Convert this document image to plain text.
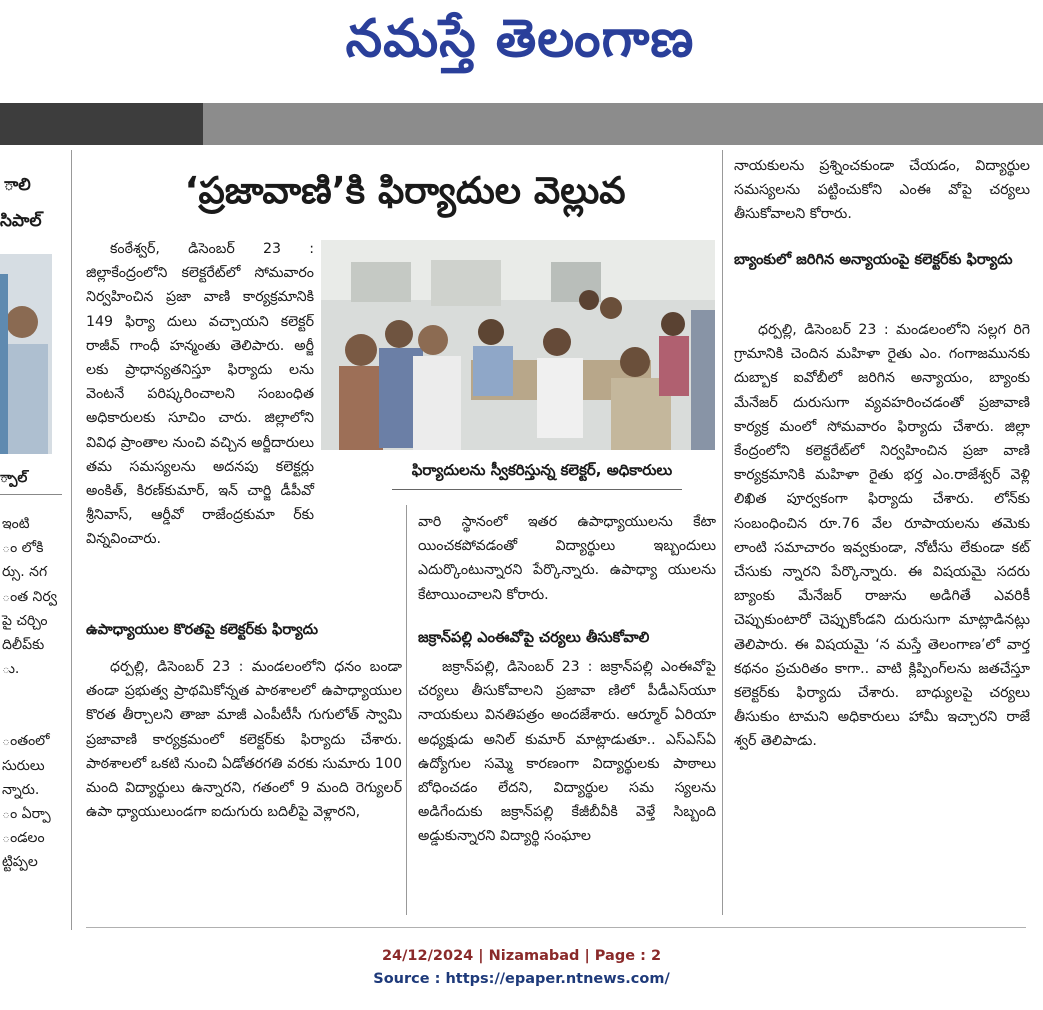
నమస్తే తెలంగాణ
ాలి
సిపాల్
్పాల్
ఇంటి
ం లోకి
ర్సు. నగ
ంత నిర్వ
పై చర్చిం
దిలీప్‌కు
ు.
ంతంలో
సురులు
న్నారు.
ం ఏర్పా
ండలం
ట్టిప్పల
‘ప్రజావాణి’కి ఫిర్యాదుల వెల్లువ

కంఠేశ్వర్‌, డిసెంబర్‌ 23 : జిల్లాకేంద్రంలోని కలెక్టరేట్‌లో సోమవారం నిర్వహించిన ప్రజా వాణి కార్యక్రమానికి 149 ఫిర్యా దులు వచ్చాయని కలెక్టర్‌ రాజీవ్‌ గాంధీ హన్మంతు తెలిపారు. అర్జీ లకు ప్రాధాన్యతనిస్తూ ఫిర్యాదు లను వెంటనే పరిష్కరించాలని సంబంధిత అధికారులకు సూచిం చారు. జిల్లాలోని వివిధ ప్రాంతాల నుంచి వచ్చిన అర్జీదారులు తమ సమస్యలను అదనపు కలెక్టర్లు అంకిత్‌, కిరణ్‌కుమార్‌, ఇన్‌ చార్జి డీపీవో శ్రీనివాస్‌, ఆర్డీవో రాజేంద్రకుమా ర్‌కు విన్నవించారు.

ఫిర్యాదులను స్వీకరిస్తున్న కలెక్టర్‌, అధికారులు

ఉపాధ్యాయుల కొరతపై కలెక్టర్‌కు ఫిర్యాదు

ధర్పల్లి, డిసెంబర్‌ 23 : మండలంలోని ధనం బండా తండా ప్రభుత్వ ప్రాథమికోన్నత పాఠశాలలో ఉపాధ్యాయుల కొరత తీర్చాలని తాజా మాజీ ఎంపీటీసీ గుగులోత్‌ స్వామి ప్రజావాణి కార్యక్రమంలో కలెక్టర్‌కు ఫిర్యాదు చేశారు. పాఠశాలలో ఒకటి నుంచి ఏడోతరగతి వరకు సుమారు 100 మంది విద్యార్థులు ఉన్నారని, గతంలో 9 మంది రెగ్యులర్‌ ఉపా ధ్యాయులుండగా ఐదుగురు బదిలీపై వెళ్లారని,

వారి స్థానంలో ఇతర ఉపాధ్యాయులను కేటా యించకపోవడంతో విద్యార్థులు ఇబ్బందులు ఎదుర్కొంటున్నారని పేర్కొన్నారు. ఉపాధ్యా యులను కేటాయించాలని కోరారు.

జక్రాన్‌పల్లి ఎంఈవోపై చర్యలు తీసుకోవాలి

జక్రాన్‌పల్లి, డిసెంబర్‌ 23 : జక్రాన్‌పల్లి ఎంఈవోపై చర్యలు తీసుకోవాలని ప్రజావా ణిలో పీడీఎస్‌యూ నాయకులు వినతిపత్రం అందజేశారు. ఆర్మూర్‌ ఏరియా అధ్యక్షుడు అనిల్‌ కుమార్‌ మాట్లాడుతూ.. ఎస్‌ఎస్‌ఏ ఉద్యోగుల సమ్మె కారణంగా విద్యార్థులకు పాఠాలు బోధించడం లేదని, విద్యార్థుల సమ స్యలను అడిగేందుకు జక్రాన్‌పల్లి కేజీబీవీకి వెళ్తే సిబ్బంది అడ్డుకున్నారని విద్యార్థి సంఘాల

నాయకులను ప్రశ్నించకుండా చేయడం, విద్యార్థుల సమస్యలను పట్టించుకోని ఎంఈ వోపై చర్యలు తీసుకోవాలని కోరారు.

బ్యాంకులో జరిగిన అన్యాయంపై కలెక్టర్‌కు ఫిర్యాదు

ధర్పల్లి, డిసెంబర్‌ 23 : మండలంలోని సల్లగ రిగె గ్రామానికి చెందిన మహిళా రైతు ఎం. గంగాజమునకు దుబ్బాక ఐవోబీలో జరిగిన అన్యాయం, బ్యాంకు మేనేజర్‌ దురుసుగా వ్యవహరించడంతో ప్రజావాణి కార్యక్ర మంలో సోమవారం ఫిర్యాదు చేశారు. జిల్లా కేంద్రంలోని కలెక్టరేట్‌లో నిర్వహించిన ప్రజా వాణి కార్యక్రమానికి మహిళా రైతు భర్త ఎం.రాజేశ్వర్‌ వెళ్లి లిఖిత పూర్వకంగా ఫిర్యాదు చేశారు. లోన్‌కు సంబంధించిన రూ.76 వేల రూపాయలను తమెకు లాంటి సమాచారం ఇవ్వకుండా, నోటీసు లేకుండా కట్‌ చేసుకు న్నారని పేర్కొన్నారు. ఈ విషయమై సదరు బ్యాంకు మేనేజర్‌ రాజును అడిగితే ఎవరికీ చెప్పుకుంటారో చెప్పుకోండని దురుసుగా మాట్లాడినట్లు తెలిపారు. ఈ విషయమై ‘న మస్తే తెలంగాణ’లో వార్త కథనం ప్రచురితం కాగా.. వాటి క్లిప్పింగ్‌లను జతచేస్తూ కలెక్టర్‌కు ఫిర్యాదు చేశారు. బాధ్యులపై చర్యలు తీసుకుం టామని అధికారులు హామీ ఇచ్చారని రాజే శ్వర్‌ తెలిపాడు.

24/12/2024 | Nizamabad | Page : 2
Source : https://epaper.ntnews.com/
